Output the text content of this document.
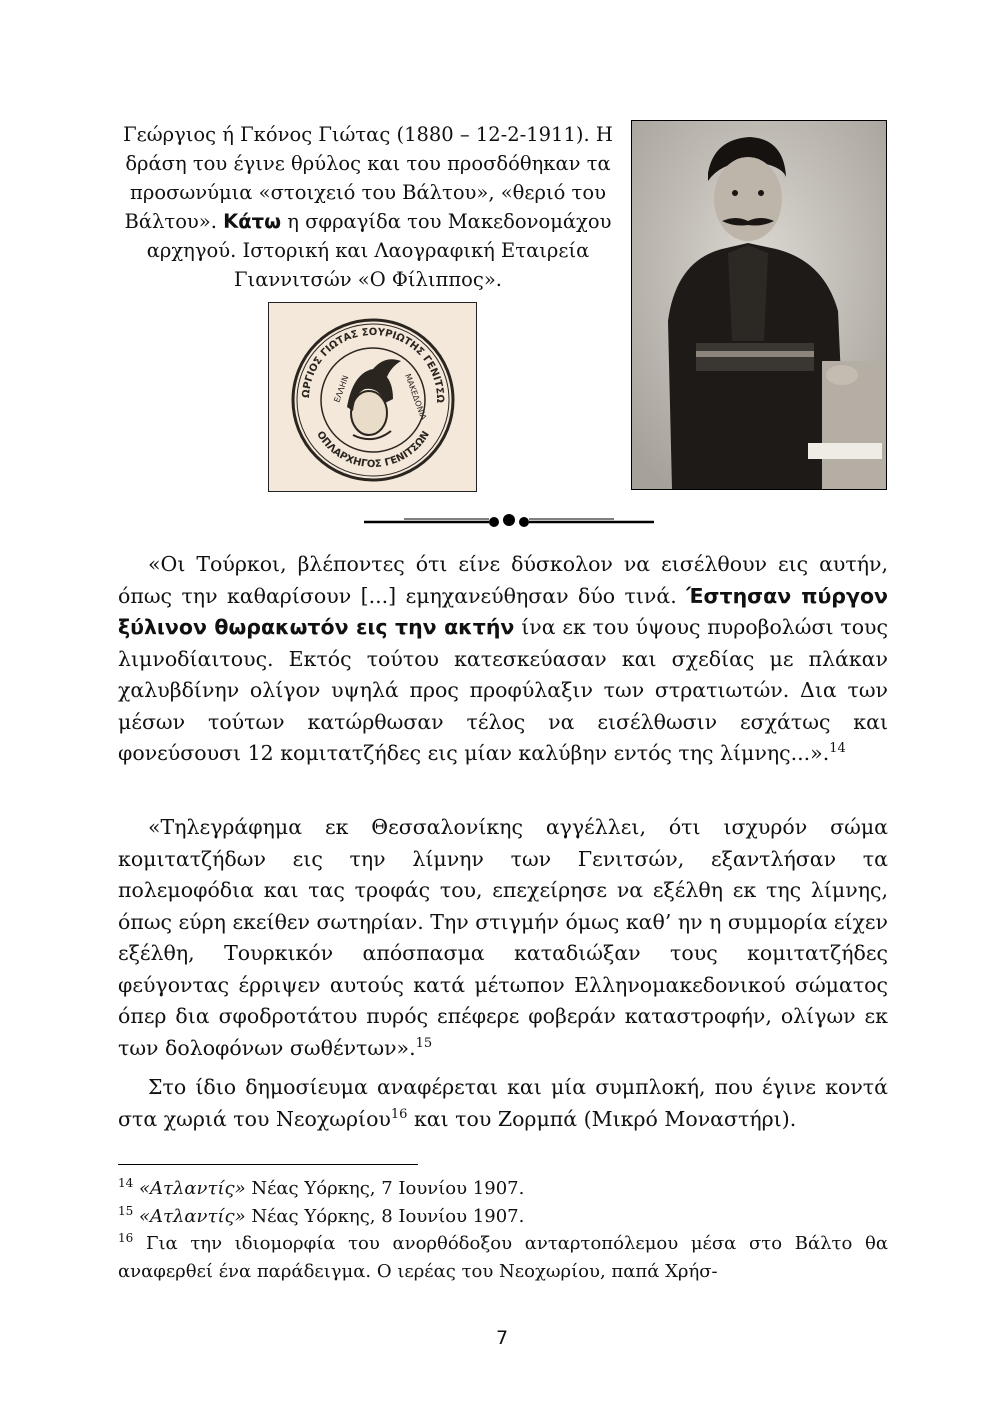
Γεώργιος ή Γκόνος Γιώτας (1880 – 12-2-1911). Η δράση του έγινε θρύλος και του προσδόθηκαν τα προσωνύμια «στοιχειό του Βάλτου», «θεριό του Βάλτου». Κάτω η σφραγίδα του Μακεδονομάχου αρχηγού. Ιστορική και Λαογραφική Εταιρεία Γιαννιτσών «Ο Φίλιππος».
ΩΡΓΙΟΣ ΓΙΩΤΑΣ ΣΟΥΡΙΩΤΗΣ ΓΕΝΙΤΣΩ
ΟΠΛΑΡΧΗΓΟΣ ΓΕΝΙΤΣΩΝ
ΕΛΛΗΝ	ΜΑΚΕΔΟΝΙΑ

«Οι Τούρκοι, βλέποντες ότι είνε δύσκολον να εισέλθουν εις αυτήν, όπως την καθαρίσουν [...] εμηχανεύθησαν δύο τινά. Έστησαν πύργον ξύλινον θωρακωτόν εις την ακτήν ίνα εκ του ύψους πυροβολώσι τους λιμνοδίαιτους. Εκτός τούτου κατεσκεύασαν και σχεδίας με πλάκαν χαλυβδίνην ολίγον υψηλά προς προφύλαξιν των στρατιωτών. Δια των μέσων τούτων κατώρθωσαν τέλος να εισέλθωσιν εσχάτως και φονεύσουσι 12 κομιτατζήδες εις μίαν καλύβην εντός της λίμνης...».$^{14}$

«Τηλεγράφημα εκ Θεσσαλονίκης αγγέλλει, ότι ισχυρόν σώμα κομιτατζήδων εις την λίμνην των Γενιτσών, εξαντλήσαν τα πολεμοφόδια και τας τροφάς του, επεχείρησε να εξέλθη εκ της λίμνης, όπως εύρη εκείθεν σωτηρίαν. Την στιγμήν όμως καθ’ ην η συμμορία είχεν εξέλθη, Τουρκικόν απόσπασμα καταδιώξαν τους κομιτατζήδες φεύγοντας έρριψεν αυτούς κατά μέτωπον Ελληνομακεδονικού σώματος όπερ δια σφοδροτάτου πυρός επέφερε φοβεράν καταστροφήν, ολίγων εκ των δολοφόνων σωθέντων».$^{15}$

Στο ίδιο δημοσίευμα αναφέρεται και μία συμπλοκή, που έγινε κοντά στα χωριά του Νεοχωρίου$^{16}$ και του Ζορμπά (Μικρό Μοναστήρι).

$^{14}$ «Ατλαντίς» Νέας Υόρκης, 7 Ιουνίου 1907.

$^{15}$ «Ατλαντίς» Νέας Υόρκης, 8 Ιουνίου 1907.

$^{16}$ Για την ιδιομορφία του ανορθόδοξου ανταρτοπόλεμου μέσα στο Βάλτο θα αναφερθεί ένα παράδειγμα. Ο ιερέας του Νεοχωρίου, παπά Χρήσ-

7
